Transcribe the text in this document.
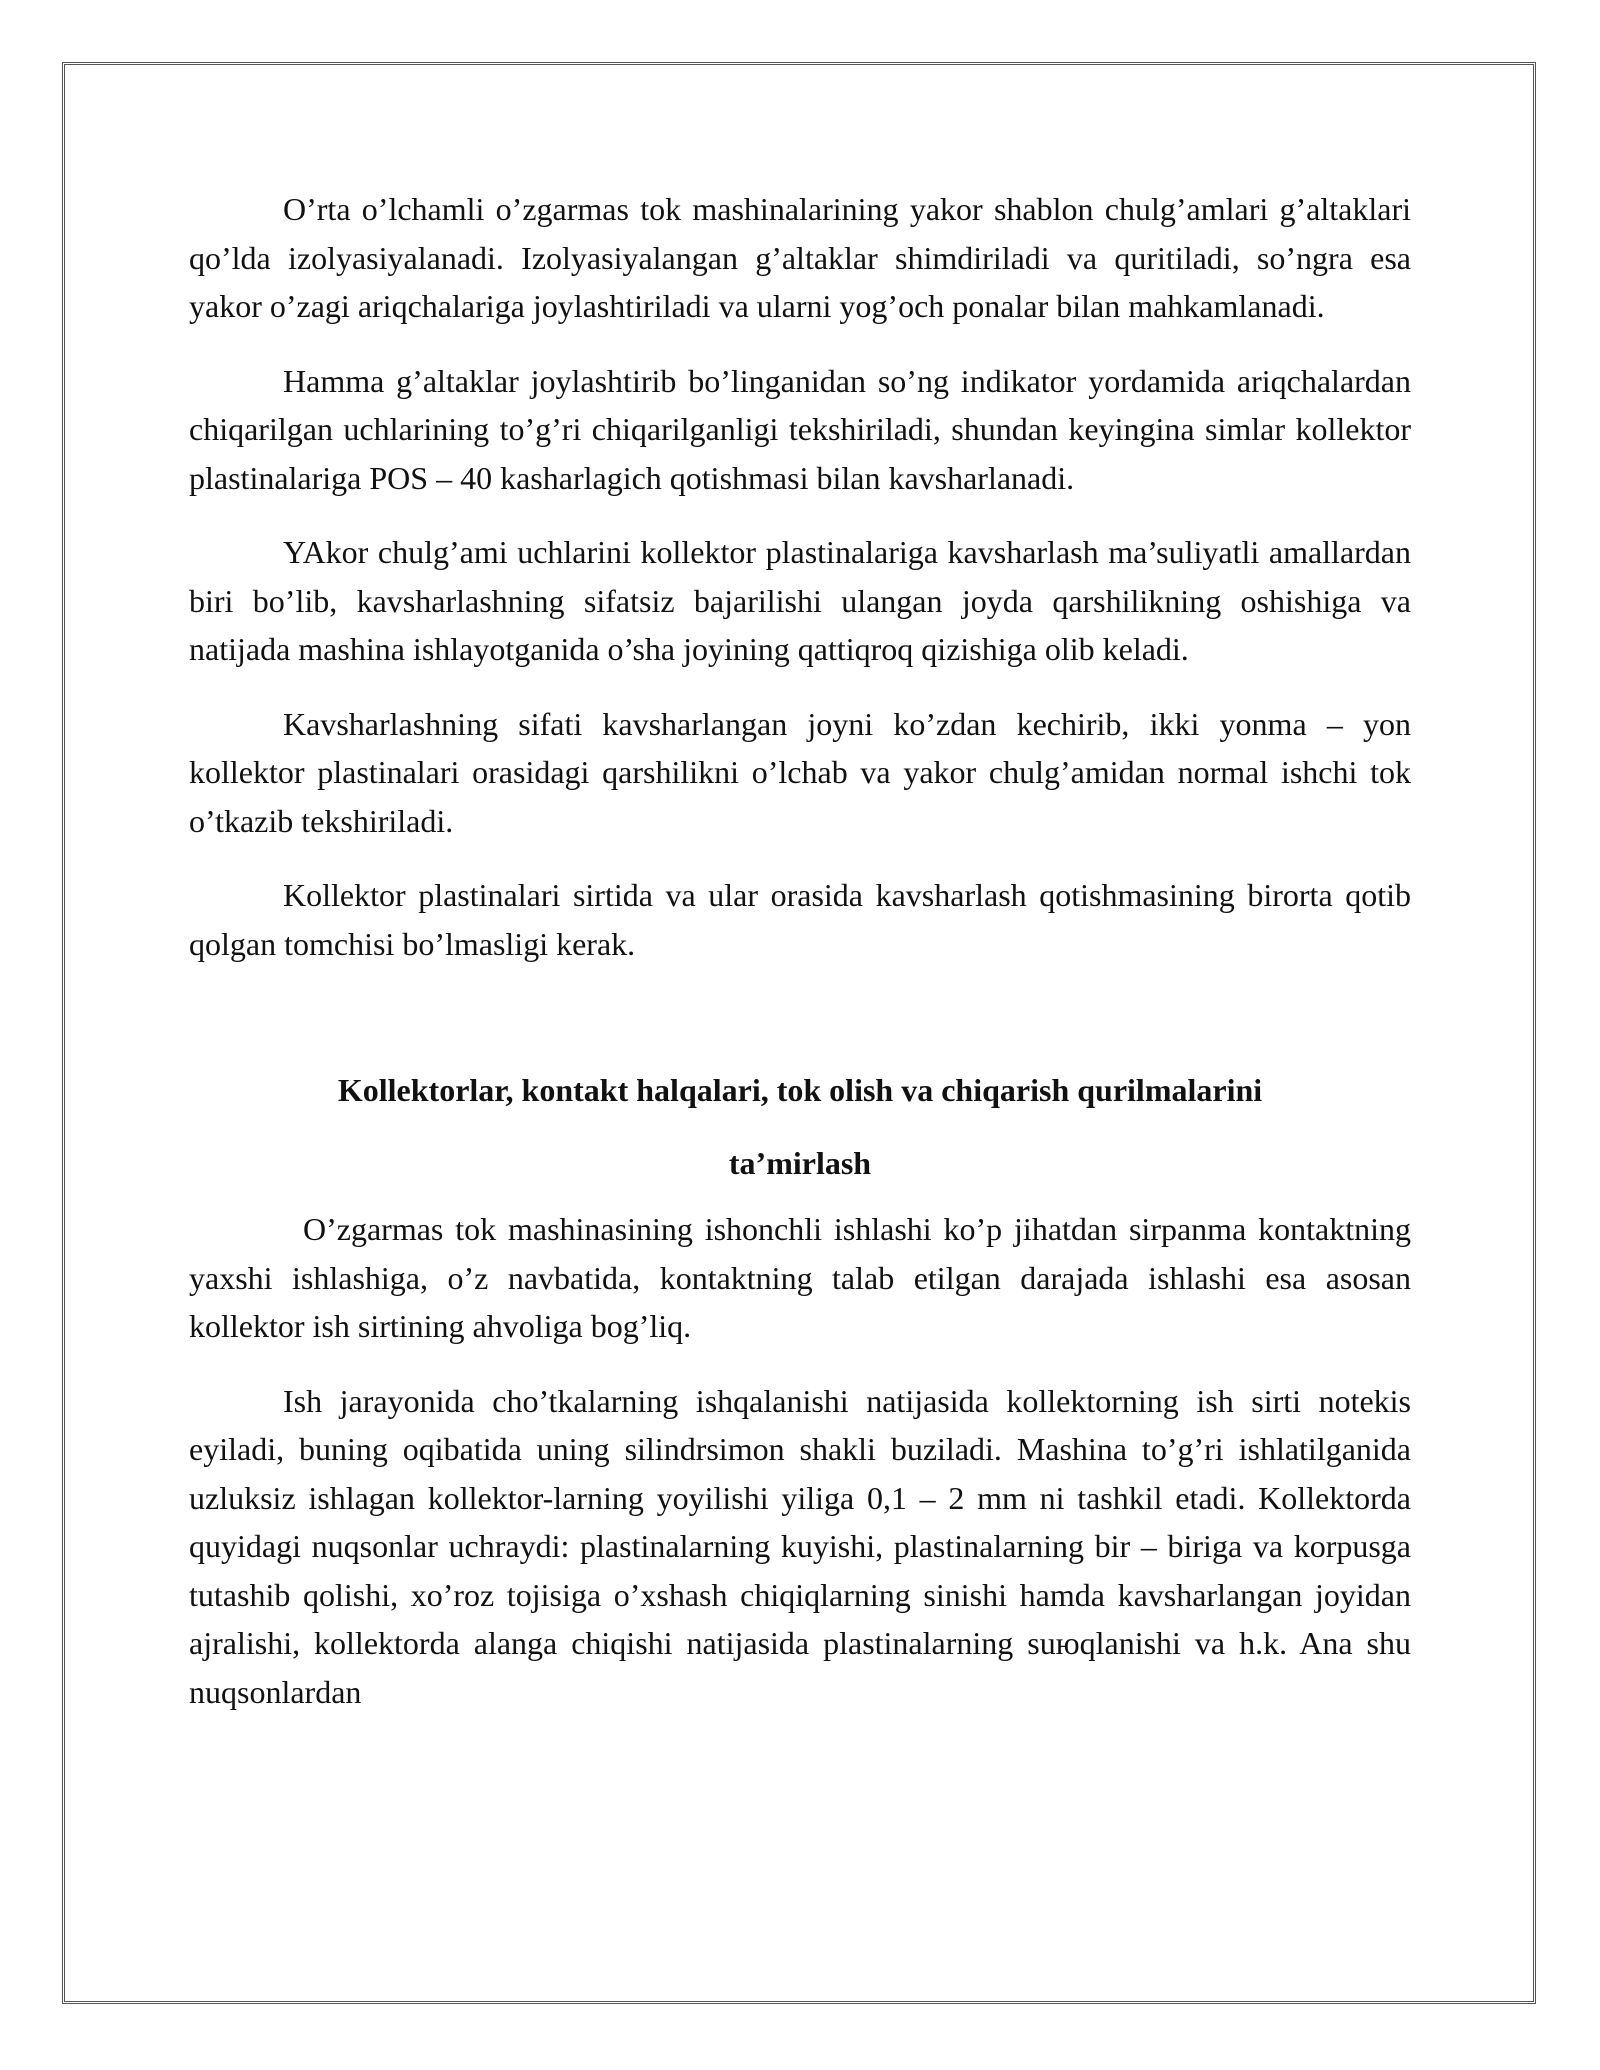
O’rta o’lchamli o’zgarmas tok mashinalarining yakor shablon chulg’amlari g’altaklari qo’lda izolyasiyalanadi. Izolyasiyalangan g’altaklar shimdiriladi va quritiladi, so’ngra esa yakor o’zagi ariqchalariga joylashtiriladi va ularni yog’och ponalar bilan mahkamlanadi.

Hamma g’altaklar joylashtirib bo’linganidan so’ng indikator yordamida ariqchalardan chiqarilgan uchlarining to’g’ri chiqarilganligi tekshiriladi, shundan keyingina simlar kollektor plastinalariga POS – 40 kasharlagich qotishmasi bilan kavsharlanadi.

YAkor chulg’ami uchlarini kollektor plastinalariga kavsharlash ma’suliyatli amallardan biri bo’lib, kavsharlashning sifatsiz bajarilishi ulangan joyda qarshilikning oshishiga va natijada mashina ishlayotganida o’sha joyining qattiqroq qizishiga olib keladi.

Kavsharlashning sifati kavsharlangan joyni ko’zdan kechirib, ikki yonma – yon kollektor plastinalari orasidagi qarshilikni o’lchab va yakor chulg’amidan normal ishchi tok o’tkazib tekshiriladi.

Kollektor plastinalari sirtida va ular orasida kavsharlash qotishmasining birorta qotib qolgan tomchisi bo’lmasligi kerak.

Kollektorlar, kontakt halqalari, tok olish va chiqarish qurilmalarini

ta’mirlash

O’zgarmas tok mashinasining ishonchli ishlashi ko’p jihatdan sirpanma kontaktning yaxshi ishlashiga, o’z navbatida, kontaktning talab etilgan darajada ishlashi esa asosan kollektor ish sirtining ahvoliga bog’liq.

Ish jarayonida cho’tkalarning ishqalanishi natijasida kollektorning ish sirti notekis eyiladi, buning oqibatida uning silindrsimon shakli buziladi. Mashina to’g’ri ishlatilganida uzluksiz ishlagan kollektor-larning yoyilishi yiliga 0,1 – 2 mm ni tashkil etadi. Kollektorda quyidagi nuqsonlar uchraydi: plastinalarning kuyishi, plastinalarning bir – biriga va korpusga tutashib qolishi, xo’roz tojisiga o’xshash chiqiqlarning sinishi hamda kavsharlangan joyidan ajralishi, kollektorda alanga chiqishi natijasida plastinalarning suюqlanishi va h.k. Ana shu nuqsonlardan
